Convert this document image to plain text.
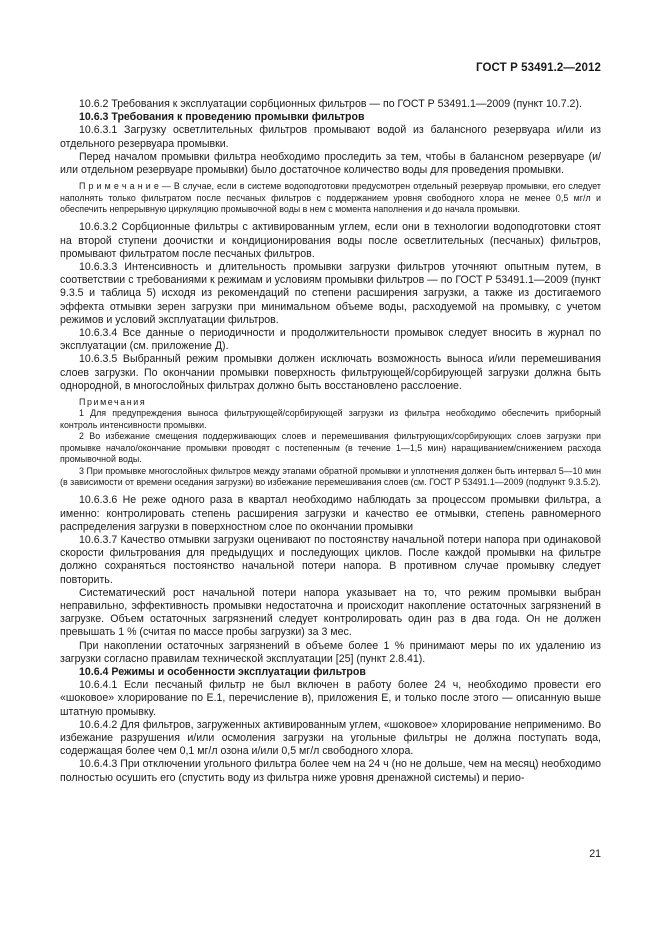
ГОСТ Р 53491.2—2012

10.6.2 Требования к эксплуатации сорбционных фильтров — по ГОСТ Р 53491.1—2009 (пункт 10.7.2).

10.6.3 Требования к проведению промывки фильтров

10.6.3.1 Загрузку осветлительных фильтров промывают водой из балансного резервуара и/или из отдельного резервуара промывки.

Перед началом промывки фильтра необходимо проследить за тем, чтобы в балансном резервуаре (и/или отдельном резервуаре промывки) было достаточное количество воды для проведения промывки.

П р и м е ч а н и е — В случае, если в системе водоподготовки предусмотрен отдельный резервуар промывки, его следует наполнять только фильтратом после песчаных фильтров с поддержанием уровня свободного хлора не менее 0,5 мг/л и обеспечить непрерывную циркуляцию промывочной воды в нем с момента наполнения и до начала промывки.

10.6.3.2 Сорбционные фильтры с активированным углем, если они в технологии водоподготовки стоят на второй ступени доочистки и кондиционирования воды после осветлительных (песчаных) фильтров, промывают фильтратом после песчаных фильтров.

10.6.3.3 Интенсивность и длительность промывки загрузки фильтров уточняют опытным путем, в соответствии с требованиями к режимам и условиям промывки фильтров — по ГОСТ Р 53491.1—2009 (пункт 9.3.5 и таблица 5) исходя из рекомендаций по степени расширения загрузки, а также из достигаемого эффекта отмывки зерен загрузки при минимальном объеме воды, расходуемой на промывку, с учетом режимов и условий эксплуатации фильтров.

10.6.3.4 Все данные о периодичности и продолжительности промывок следует вносить в журнал по эксплуатации (см. приложение Д).

10.6.3.5 Выбранный режим промывки должен исключать возможность выноса и/или перемешивания слоев загрузки. По окончании промывки поверхность фильтрующей/сорбирующей загрузки должна быть однородной, в многослойных фильтрах должно быть восстановлено расслоение.

Примечания

1 Для предупреждения выноса фильтрующей/сорбирующей загрузки из фильтра необходимо обеспечить приборный контроль интенсивности промывки.

2 Во избежание смещения поддерживающих слоев и перемешивания фильтрующих/сорбирующих слоев загрузки при промывке начало/окончание промывки проводят с постепенным (в течение 1—1,5 мин) наращиванием/снижением расхода промывочной воды.

3 При промывке многослойных фильтров между этапами обратной промывки и уплотнения должен быть интервал 5—10 мин (в зависимости от времени оседания загрузки) во избежание перемешивания слоев (см. ГОСТ Р 53491.1—2009 (подпункт 9.3.5.2).

10.6.3.6 Не реже одного раза в квартал необходимо наблюдать за процессом промывки фильтра, а именно: контролировать степень расширения загрузки и качество ее отмывки, степень равномерного распределения загрузки в поверхностном слое по окончании промывки

10.6.3.7 Качество отмывки загрузки оценивают по постоянству начальной потери напора при одинаковой скорости фильтрования для предыдущих и последующих циклов. После каждой промывки на фильтре должно сохраняться постоянство начальной потери напора. В противном случае промывку следует повторить.

Систематический рост начальной потери напора указывает на то, что режим промывки выбран неправильно, эффективность промывки недостаточна и происходит накопление остаточных загрязнений в загрузке. Объем остаточных загрязнений следует контролировать один раз в два года. Он не должен превышать 1 % (считая по массе пробы загрузки) за 3 мес.

При накоплении остаточных загрязнений в объеме более 1 % принимают меры по их удалению из загрузки согласно правилам технической эксплуатации [25] (пункт 2.8.41).

10.6.4 Режимы и особенности эксплуатации фильтров

10.6.4.1 Если песчаный фильтр не был включен в работу более 24 ч, необходимо провести его «шоковое» хлорирование по Е.1, перечисление в), приложения Е, и только после этого — описанную выше штатную промывку.

10.6.4.2 Для фильтров, загруженных активированным углем, «шоковое» хлорирование неприменимо. Во избежание разрушения и/или осмоления загрузки на угольные фильтры не должна поступать вода, содержащая более чем 0,1 мг/л озона и/или 0,5 мг/л свободного хлора.

10.6.4.3 При отключении угольного фильтра более чем на 24 ч (но не дольше, чем на месяц) необходимо полностью осушить его (спустить воду из фильтра ниже уровня дренажной системы) и перио-

21
